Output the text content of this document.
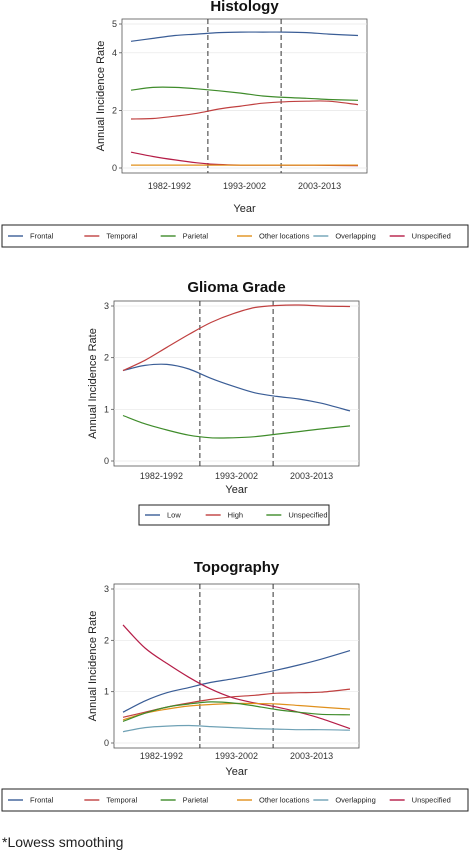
*Lowess smoothing
Histology
0
2
4
5
1982-1992	1993-2002	2003-2013
Year
Annual Incidence Rate
Frontal	Temporal	Parietal	Other locations	Overlapping	Unspecified
Glioma Grade
0
1
2
3
1982-1992	1993-2002	2003-2013
Year
Annual Incidence Rate
Low	High	Unspecified
Topography
0
1
2
3
1982-1992	1993-2002	2003-2013
Year
Annual Incidence Rate
Frontal	Temporal	Parietal	Other locations	Overlapping	Unspecified
